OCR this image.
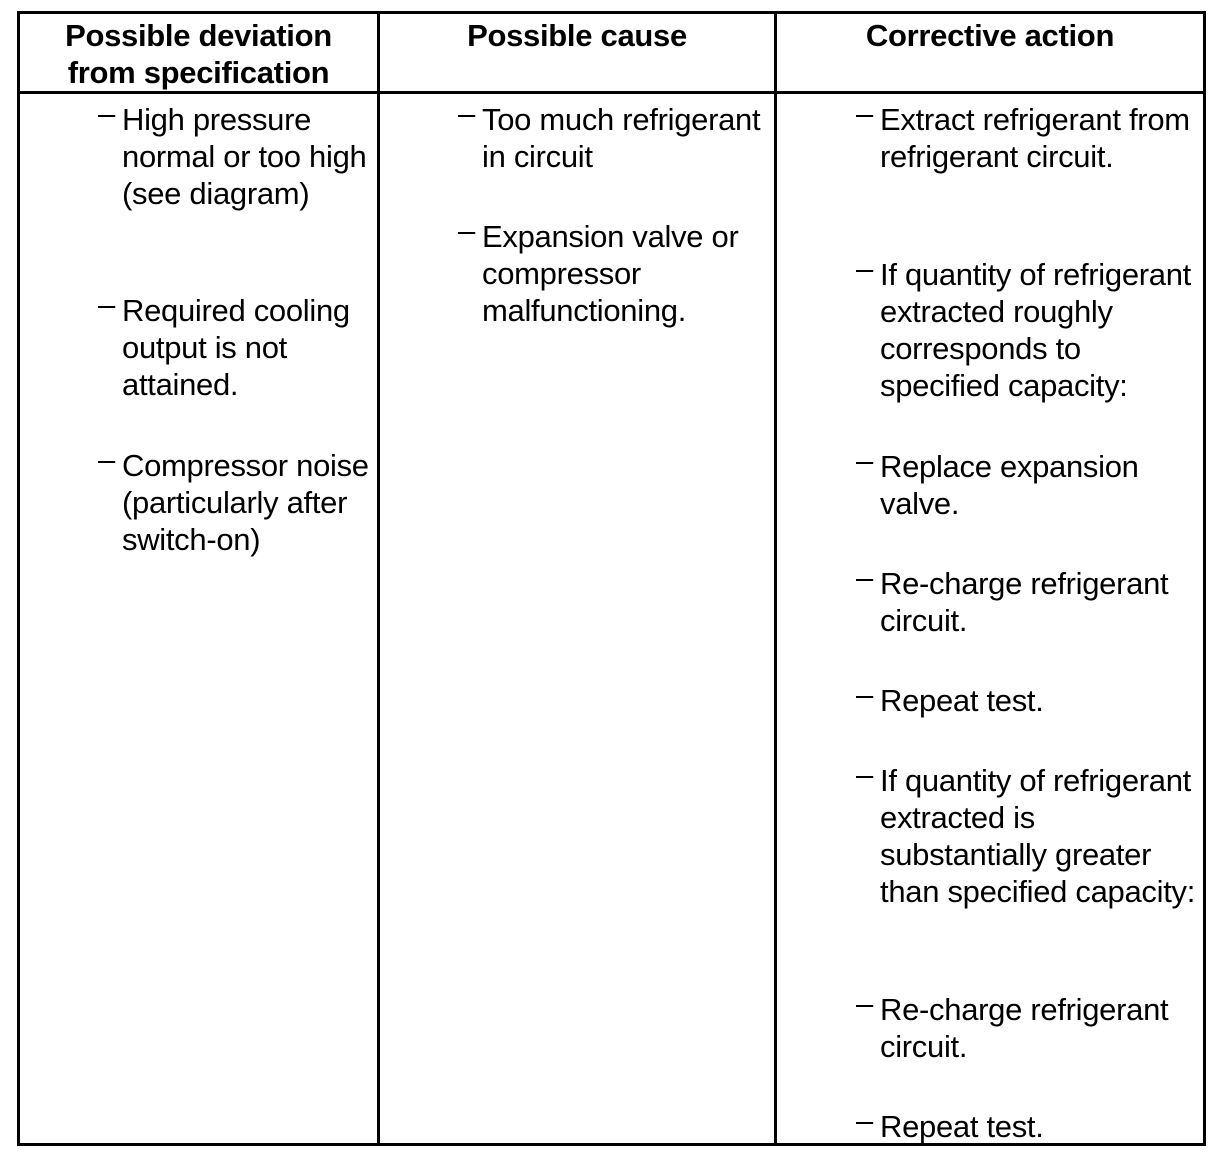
Possible deviation
from specification
Possible cause	Corrective action
– High pressure normal or too high (see diagram)
– Required cooling output is not attained.
– Compressor noise (particularly after switch-on)
– Too much refrigerant in circuit
– Expansion valve or compressor malfunctioning.
– Extract refrigerant from refrigerant circuit.
– If quantity of refrigerant extracted roughly corresponds to specified capacity:
– Replace expansion valve.
– Re-charge refrigerant circuit.
– Repeat test.
– If quantity of refrigerant extracted is substantially greater than specified capacity:
– Re-charge refrigerant circuit.
– Repeat test.
